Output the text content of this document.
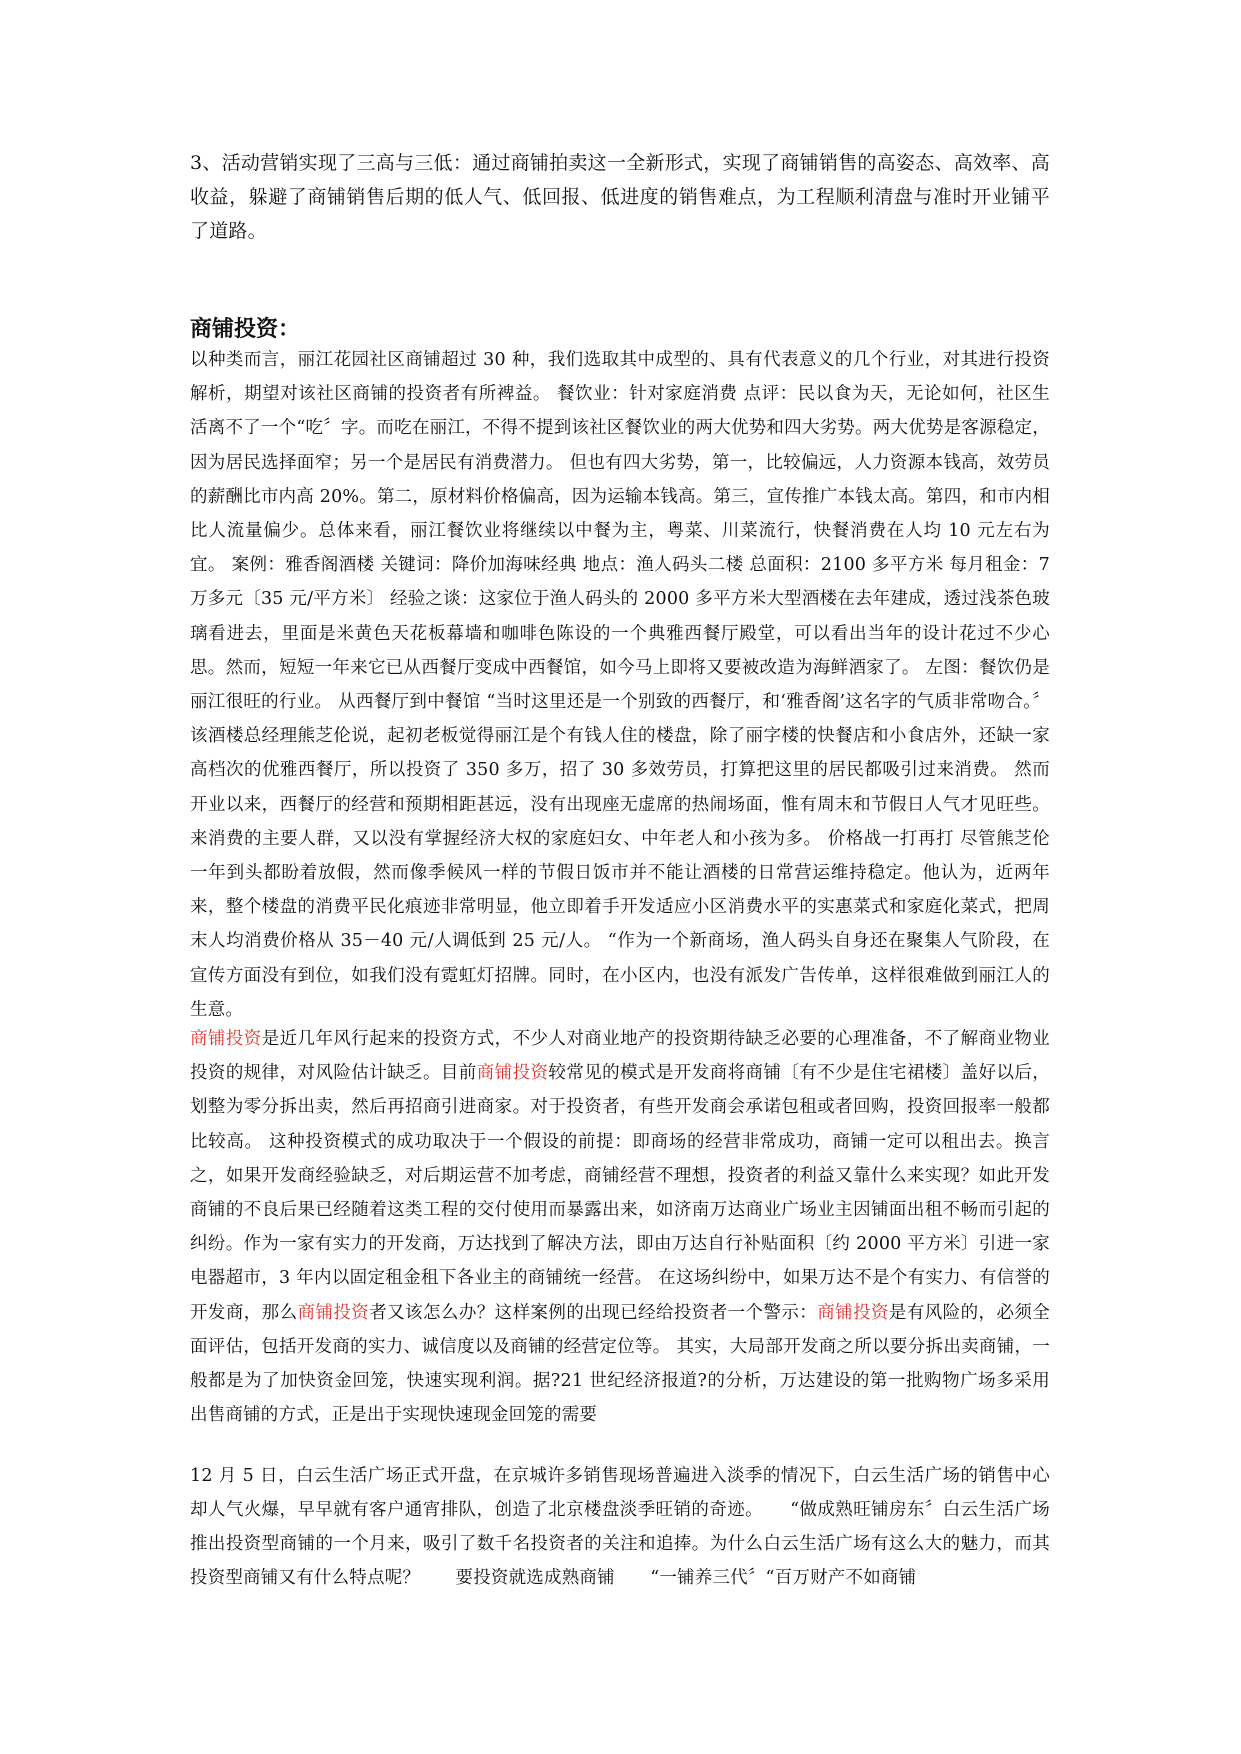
3、活动营销实现了三高与三低：通过商铺拍卖这一全新形式，实现了商铺销售的高姿态、高效率、高收益，躲避了商铺销售后期的低人气、低回报、低进度的销售难点，为工程顺利清盘与准时开业铺平了道路。

商铺投资：

以种类而言，丽江花园社区商铺超过 30 种，我们选取其中成型的、具有代表意义的几个行业，对其进行投资解析，期望对该社区商铺的投资者有所裨益。 餐饮业：针对家庭消费 点评：民以食为天，无论如何，社区生活离不了一个“吃〞字。而吃在丽江，不得不提到该社区餐饮业的两大优势和四大劣势。两大优势是客源稳定，因为居民选择面窄；另一个是居民有消费潜力。 但也有四大劣势，第一，比较偏远，人力资源本钱高，效劳员的薪酬比市内高 20%。第二，原材料价格偏高，因为运输本钱高。第三，宣传推广本钱太高。第四，和市内相比人流量偏少。总体来看，丽江餐饮业将继续以中餐为主，粤菜、川菜流行，快餐消费在人均 10 元左右为宜。 案例：雅香阁酒楼 关键词：降价加海味经典 地点：渔人码头二楼 总面积：2100 多平方米 每月租金：7 万多元〔35 元/平方米〕 经验之谈：这家位于渔人码头的 2000 多平方米大型酒楼在去年建成，透过浅茶色玻璃看进去，里面是米黄色天花板幕墙和咖啡色陈设的一个典雅西餐厅殿堂，可以看出当年的设计花过不少心思。然而，短短一年来它已从西餐厅变成中西餐馆，如今马上即将又要被改造为海鲜酒家了。 左图：餐饮仍是丽江很旺的行业。 从西餐厅到中餐馆 “当时这里还是一个别致的西餐厅，和‘雅香阁’这名字的气质非常吻合。〞该酒楼总经理熊芝伦说，起初老板觉得丽江是个有钱人住的楼盘，除了丽字楼的快餐店和小食店外，还缺一家高档次的优雅西餐厅，所以投资了 350 多万，招了 30 多效劳员，打算把这里的居民都吸引过来消费。 然而开业以来，西餐厅的经营和预期相距甚远，没有出现座无虚席的热闹场面，惟有周末和节假日人气才见旺些。来消费的主要人群，又以没有掌握经济大权的家庭妇女、中年老人和小孩为多。 价格战一打再打 尽管熊芝伦一年到头都盼着放假，然而像季候风一样的节假日饭市并不能让酒楼的日常营运维持稳定。他认为，近两年来，整个楼盘的消费平民化痕迹非常明显，他立即着手开发适应小区消费水平的实惠菜式和家庭化菜式，把周末人均消费价格从 35－40 元/人调低到 25 元/人。 “作为一个新商场，渔人码头自身还在聚集人气阶段，在宣传方面没有到位，如我们没有霓虹灯招牌。同时，在小区内，也没有派发广告传单，这样很难做到丽江人的生意。

商铺投资是近几年风行起来的投资方式，不少人对商业地产的投资期待缺乏必要的心理准备，不了解商业物业投资的规律，对风险估计缺乏。目前商铺投资较常见的模式是开发商将商铺〔有不少是住宅裙楼〕盖好以后，划整为零分拆出卖，然后再招商引进商家。对于投资者，有些开发商会承诺包租或者回购，投资回报率一般都比较高。 这种投资模式的成功取决于一个假设的前提：即商场的经营非常成功，商铺一定可以租出去。换言之，如果开发商经验缺乏，对后期运营不加考虑，商铺经营不理想，投资者的利益又靠什么来实现？如此开发商铺的不良后果已经随着这类工程的交付使用而暴露出来，如济南万达商业广场业主因铺面出租不畅而引起的纠纷。作为一家有实力的开发商，万达找到了解决方法，即由万达自行补贴面积〔约 2000 平方米〕引进一家电器超市，3 年内以固定租金租下各业主的商铺统一经营。 在这场纠纷中，如果万达不是个有实力、有信誉的开发商，那么商铺投资者又该怎么办？这样案例的出现已经给投资者一个警示：商铺投资是有风险的，必须全面评估，包括开发商的实力、诚信度以及商铺的经营定位等。 其实，大局部开发商之所以要分拆出卖商铺，一般都是为了加快资金回笼，快速实现利润。据?21 世纪经济报道?的分析，万达建设的第一批购物广场多采用出售商铺的方式，正是出于实现快速现金回笼的需要

12 月 5 日，白云生活广场正式开盘，在京城许多销售现场普遍进入淡季的情况下，白云生活广场的销售中心却人气火爆，早早就有客户通宵排队，创造了北京楼盘淡季旺销的奇迹。　　“做成熟旺铺房东〞白云生活广场推出投资型商铺的一个月来，吸引了数千名投资者的关注和追捧。为什么白云生活广场有这么大的魅力，而其投资型商铺又有什么特点呢？　　要投资就选成熟商铺　　“一铺养三代〞“百万财产不如商铺
